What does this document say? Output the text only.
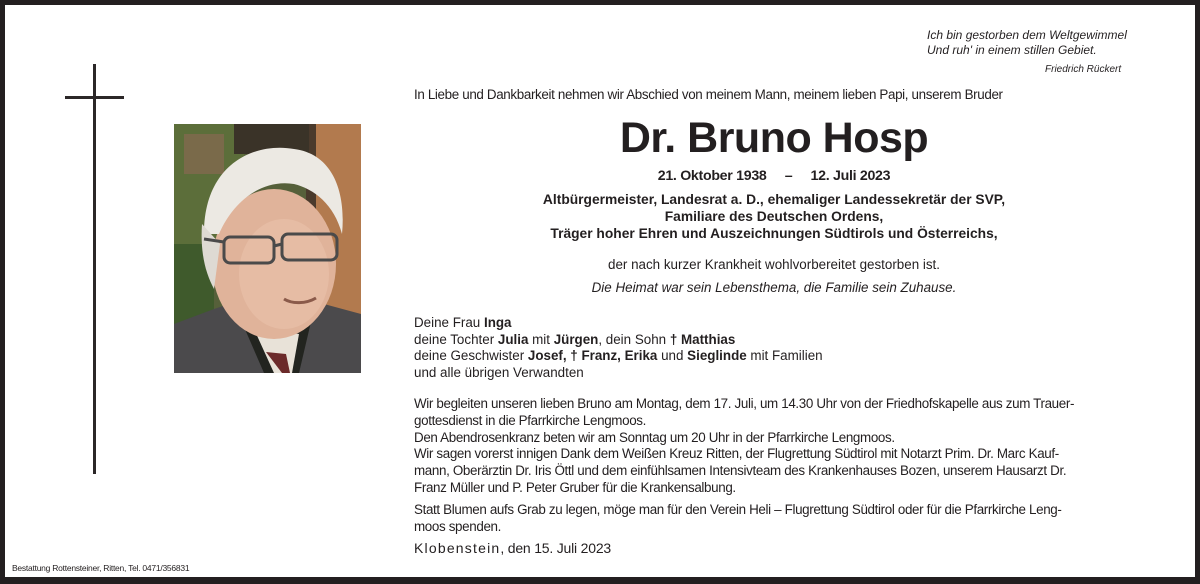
Ich bin gestorben dem Weltgewimmel
Und ruh' in einem stillen Gebiet.
Friedrich Rückert
In Liebe und Dankbarkeit nehmen wir Abschied von meinem Mann, meinem lieben Papi, unserem Bruder
Dr. Bruno Hosp
21. Oktober 1938 – 12. Juli 2023
Altbürgermeister, Landesrat a. D., ehemaliger Landessekretär der SVP,
Familiare des Deutschen Ordens,
Träger hoher Ehren und Auszeichnungen Südtirols und Österreichs,
der nach kurzer Krankheit wohlvorbereitet gestorben ist.
Die Heimat war sein Lebensthema, die Familie sein Zuhause.
Deine Frau Inga
deine Tochter Julia mit Jürgen, dein Sohn † Matthias
deine Geschwister Josef, † Franz, Erika und Sieglinde mit Familien
und alle übrigen Verwandten
Wir begleiten unseren lieben Bruno am Montag, dem 17. Juli, um 14.30 Uhr von der Friedhofskapelle aus zum Trauer-
gottesdienst in die Pfarrkirche Lengmoos.
Den Abendrosenkranz beten wir am Sonntag um 20 Uhr in der Pfarrkirche Lengmoos.
Wir sagen vorerst innigen Dank dem Weißen Kreuz Ritten, der Flugrettung Südtirol mit Notarzt Prim. Dr. Marc Kauf-
mann, Oberärztin Dr. Iris Öttl und dem einfühlsamen Intensivteam des Krankenhauses Bozen, unserem Hausarzt Dr.
Franz Müller und P. Peter Gruber für die Krankensalbung.
Statt Blumen aufs Grab zu legen, möge man für den Verein Heli – Flugrettung Südtirol oder für die Pfarrkirche Leng-
moos spenden.
Klobenstein, den 15. Juli 2023
Bestattung Rottensteiner, Ritten, Tel. 0471/356831
